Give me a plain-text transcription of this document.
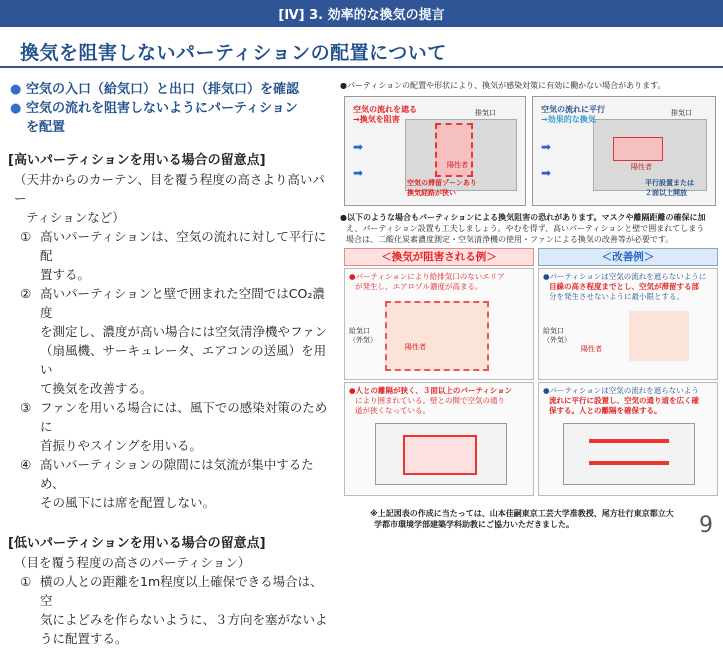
[Ⅳ] 3. 効率的な換気の提言
換気を阻害しないパーティションの配置について
● 空気の入口（給気口）と出口（排気口）を確認
● 空気の流れを阻害しないようにパーティション
を配置
[高いパーティションを用いる場合の留意点]
（天井からのカーテン、目を覆う程度の高さより高いパー
ティションなど）
① 高いパーティションは、空気の流れに対して平行に配
置する。
② 高いパーティションと壁で囲まれた空間ではCO₂濃度
を測定し、濃度が高い場合には空気清浄機やファン
（扇風機、サーキュレータ、エアコンの送風）を用い
て換気を改善する。
③ ファンを用いる場合には、風下での感染対策のために
首振りやスイングを用いる。
④ 高いパーティションの隙間には気流が集中するため、
その風下には席を配置しない。
[低いパーティションを用いる場合の留意点]
（目を覆う程度の高さのパーティション）
① 横の人との距離を1m程度以上確保できる場合は、空
気によどみを作らないように、３方向を塞がないよ
うに配置する。
●パーティションの配置や形状により、換気が感染対策に有効に働かない場合があります。
空気の流れを遮る
→換気を阻害
排気口
陽性者
空気の滞留ゾーンあり
換気経路が狭い
➡
➡
空気の流れに平行
→効果的な換気
排気口
陽性者
平行設置または
２面以上開放
➡
➡
●以下のような場合もパーティションによる換気阻害の恐れがあります。マスクや離隔距離の確保に加
え、パーティション設置も工夫しましょう。やむを得ず、高いパーティションと壁で囲まれてしまう
場合は、二酸化炭素濃度測定・空気清浄機の使用・ファンによる換気の改善等が必要です。
＜換気が阻害される例＞	＜改善例＞
●パーティションにより給排気口のないエリア
が発生し、エアロゾル濃度が高まる。
給気口
（外気）
陽性者
●パーティションは空気の流れを遮らないように
目線の高さ程度までとし、空気が滞留する部
分を発生させないように最小限とする。
給気口
（外気）
陽性者
●人との離隔が狭く、３面以上のパーティション
により囲まれている。壁との間で空気の通り
道が狭くなっている。
●パーティションは空気の流れを遮らないよう
流れに平行に設置し、空気の通り道を広く確
保する。人との離隔を確保する。
※上記図表の作成に当たっては、山本佳嗣東京工芸大学准教授、尾方壮行東京都立大
学都市環境学部建築学科助教にご協力いただきました。	9
